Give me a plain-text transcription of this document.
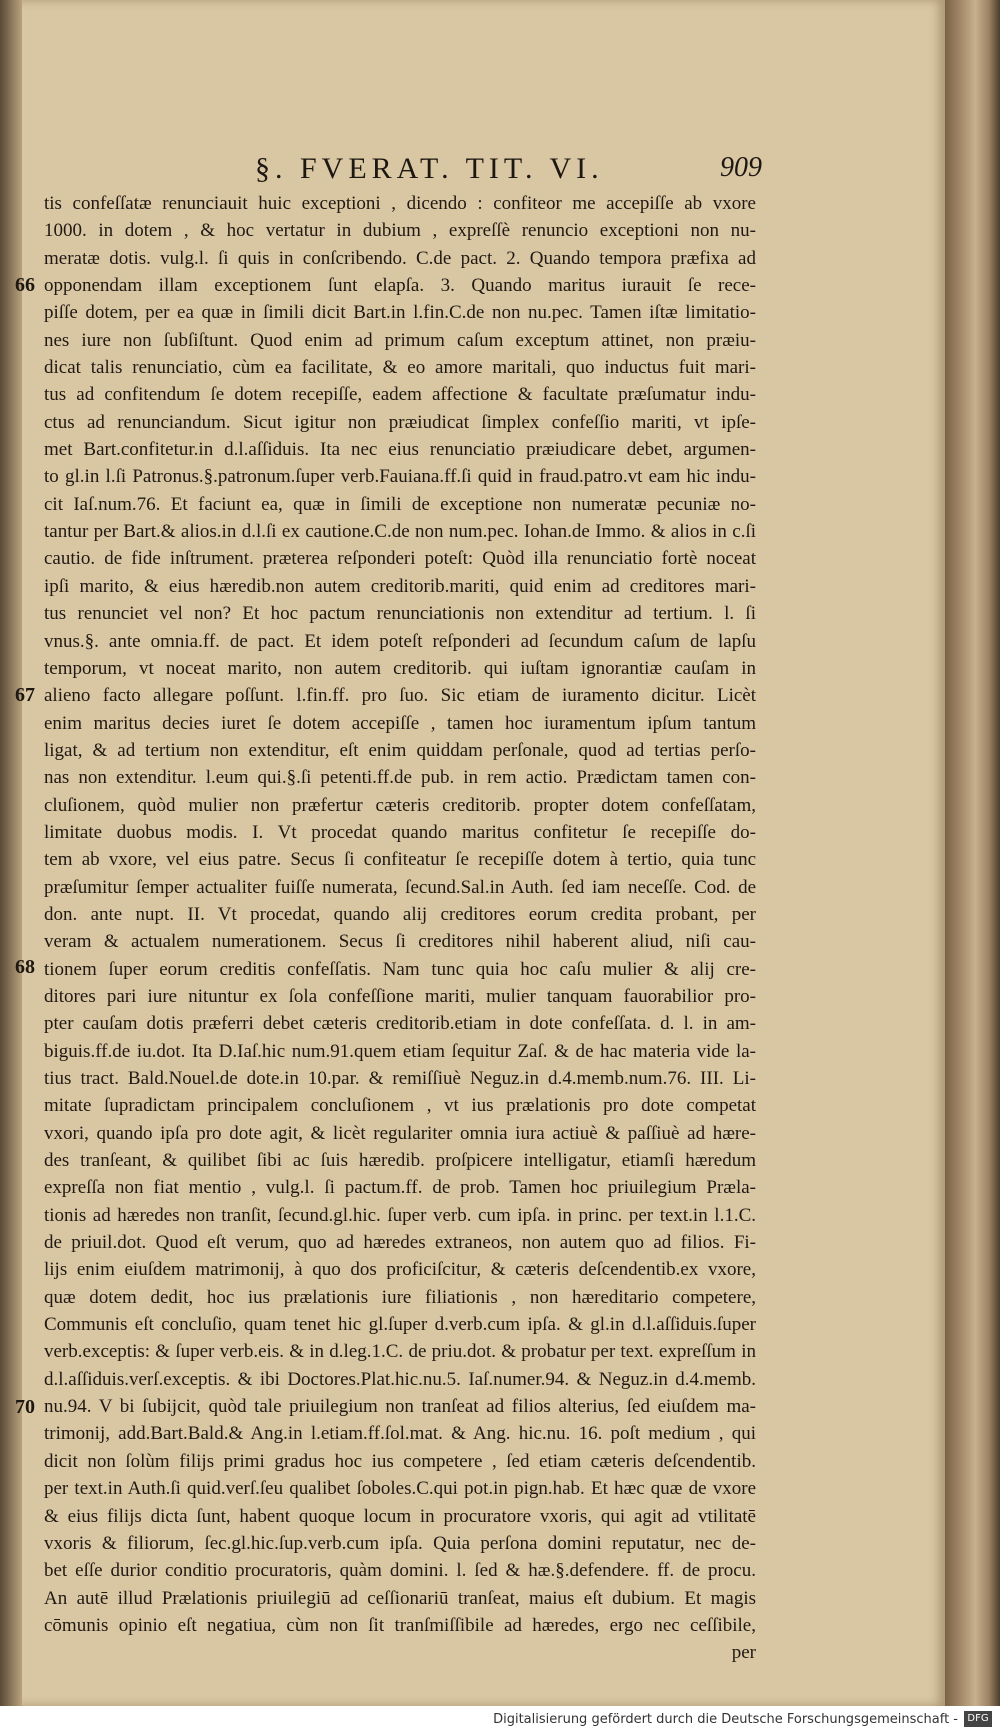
§. FVERAT. TIT. VI.	909
tis confeſſatæ renunciauit huic exceptioni , dicendo : confiteor me accepiſſe ab vxore
1000. in dotem , & hoc vertatur in dubium , expreſſè renuncio exceptioni non nu-
meratæ dotis. vulg.l. ſi quis in conſcribendo. C.de pact. 2. Quando tempora præfixa ad
opponendam illam exceptionem ſunt elapſa. 3. Quando maritus iurauit ſe rece-
piſſe dotem, per ea quæ in ſimili dicit Bart.in l.fin.C.de non nu.pec. Tamen iſtæ limitatio-
nes iure non ſubſiſtunt. Quod enim ad primum caſum exceptum attinet, non præiu-
dicat talis renunciatio, cùm ea facilitate, & eo amore maritali, quo inductus fuit mari-
tus ad confitendum ſe dotem recepiſſe, eadem affectione & facultate præſumatur indu-
ctus ad renunciandum. Sicut igitur non præiudicat ſimplex confeſſio mariti, vt ipſe-
met Bart.confitetur.in d.l.aſſiduis. Ita nec eius renunciatio præiudicare debet, argumen-
to gl.in l.ſi Patronus.§.patronum.ſuper verb.Fauiana.ff.ſi quid in fraud.patro.vt eam hic indu-
cit Iaſ.num.76. Et faciunt ea, quæ in ſimili de exceptione non numeratæ pecuniæ no-
tantur per Bart.& alios.in d.l.ſi ex cautione.C.de non num.pec. Iohan.de Immo. & alios in c.ſi
cautio. de fide inſtrument. præterea reſponderi poteſt: Quòd illa renunciatio fortè noceat
ipſi marito, & eius hæredib.non autem creditorib.mariti, quid enim ad creditores mari-
tus renunciet vel non? Et hoc pactum renunciationis non extenditur ad tertium. l. ſi
vnus.§. ante omnia.ff. de pact. Et idem poteſt reſponderi ad ſecundum caſum de lapſu
temporum, vt noceat marito, non autem creditorib. qui iuſtam ignorantiæ cauſam in
alieno facto allegare poſſunt. l.fin.ff. pro ſuo. Sic etiam de iuramento dicitur. Licèt
enim maritus decies iuret ſe dotem accepiſſe , tamen hoc iuramentum ipſum tantum
ligat, & ad tertium non extenditur, eſt enim quiddam perſonale, quod ad tertias perſo-
nas non extenditur. l.eum qui.§.ſi petenti.ff.de pub. in rem actio. Prædictam tamen con-
cluſionem, quòd mulier non præfertur cæteris creditorib. propter dotem confeſſatam,
limitate duobus modis. I. Vt procedat quando maritus confitetur ſe recepiſſe do-
tem ab vxore, vel eius patre. Secus ſi confiteatur ſe recepiſſe dotem à tertio, quia tunc
præſumitur ſemper actualiter fuiſſe numerata, ſecund.Sal.in Auth. ſed iam neceſſe. Cod. de
don. ante nupt. II. Vt procedat, quando alij creditores eorum credita probant, per
veram & actualem numerationem. Secus ſi creditores nihil haberent aliud, niſi cau-
tionem ſuper eorum creditis confeſſatis. Nam tunc quia hoc caſu mulier & alij cre-
ditores pari iure nituntur ex ſola confeſſione mariti, mulier tanquam fauorabilior pro-
pter cauſam dotis præferri debet cæteris creditorib.etiam in dote confeſſata. d. l. in am-
biguis.ff.de iu.dot. Ita D.Iaſ.hic num.91.quem etiam ſequitur Zaſ. & de hac materia vide la-
tius tract. Bald.Nouel.de dote.in 10.par. & remiſſiuè Neguz.in d.4.memb.num.76. III. Li-
mitate ſupradictam principalem concluſionem , vt ius prælationis pro dote competat
vxori, quando ipſa pro dote agit, & licèt regulariter omnia iura actiuè & paſſiuè ad hære-
des tranſeant, & quilibet ſibi ac ſuis hæredib. proſpicere intelligatur, etiamſi hæredum
expreſſa non fiat mentio , vulg.l. ſi pactum.ff. de prob. Tamen hoc priuilegium Præla-
tionis ad hæredes non tranſit, ſecund.gl.hic. ſuper verb. cum ipſa. in princ. per text.in l.1.C.
de priuil.dot. Quod eſt verum, quo ad hæredes extraneos, non autem quo ad filios. Fi-
lijs enim eiuſdem matrimonij, à quo dos proficiſcitur, & cæteris deſcendentib.ex vxore,
quæ dotem dedit, hoc ius prælationis iure filiationis , non hæreditario competere,
Communis eſt concluſio, quam tenet hic gl.ſuper d.verb.cum ipſa. & gl.in d.l.aſſiduis.ſuper
verb.exceptis: & ſuper verb.eis. & in d.leg.1.C. de priu.dot. & probatur per text. expreſſum in
d.l.aſſiduis.verſ.exceptis. & ibi Doctores.Plat.hic.nu.5. Iaſ.numer.94. & Neguz.in d.4.memb.
nu.94. V bi ſubijcit, quòd tale priuilegium non tranſeat ad filios alterius, ſed eiuſdem ma-
trimonij, add.Bart.Bald.& Ang.in l.etiam.ff.ſol.mat. & Ang. hic.nu. 16. poſt medium , qui
dicit non ſolùm filijs primi gradus hoc ius competere , ſed etiam cæteris deſcendentib.
per text.in Auth.ſi quid.verſ.ſeu qualibet ſoboles.C.qui pot.in pign.hab. Et hæc quæ de vxore
& eius filijs dicta ſunt, habent quoque locum in procuratore vxoris, qui agit ad vtilitatē
vxoris & filiorum, ſec.gl.hic.ſup.verb.cum ipſa. Quia perſona domini reputatur, nec de-
bet eſſe durior conditio procuratoris, quàm domini. l. ſed & hæ.§.defendere. ff. de procu.
An autē illud Prælationis priuilegiū ad ceſſionariū tranſeat, maius eſt dubium. Et magis
cōmunis opinio eſt negatiua, cùm non ſit tranſmiſſibile ad hæredes, ergo nec ceſſibile,
per
66
67
68
70
Digitalisierung gefördert durch die Deutsche Forschungsgemeinschaft - DFG
